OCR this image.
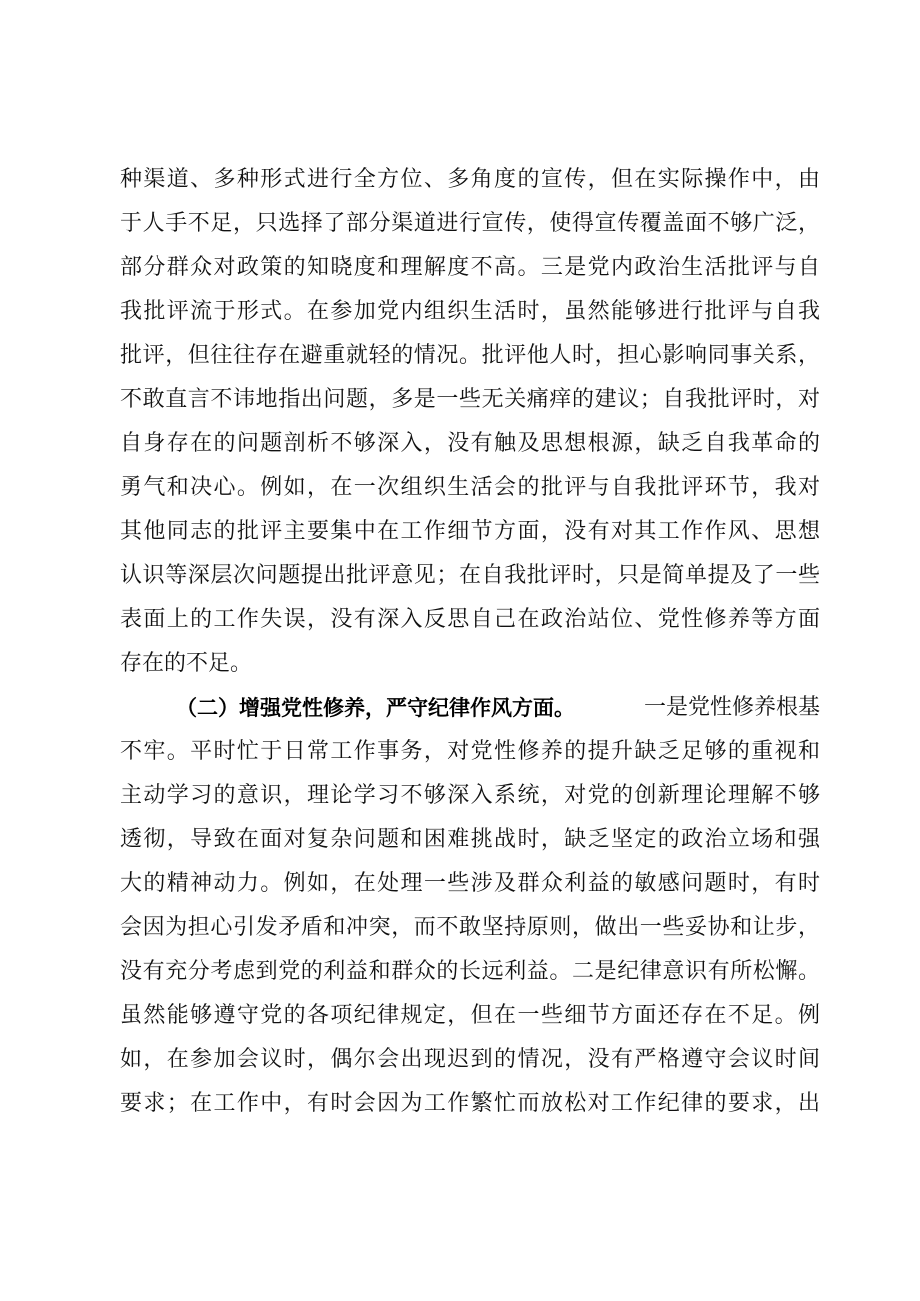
种渠道、多种形式进行全方位、多角度的宣传，但在实际操作中，由
于人手不足，只选择了部分渠道进行宣传，使得宣传覆盖面不够广泛，
部分群众对政策的知晓度和理解度不高。三是党内政治生活批评与自
我批评流于形式。在参加党内组织生活时，虽然能够进行批评与自我
批评，但往往存在避重就轻的情况。批评他人时，担心影响同事关系，
不敢直言不讳地指出问题，多是一些无关痛痒的建议；自我批评时，对
自身存在的问题剖析不够深入，没有触及思想根源，缺乏自我革命的
勇气和决心。例如，在一次组织生活会的批评与自我批评环节，我对
其他同志的批评主要集中在工作细节方面，没有对其工作作风、思想
认识等深层次问题提出批评意见；在自我批评时，只是简单提及了一些
表面上的工作失误，没有深入反思自己在政治站位、党性修养等方面
存在的不足。
（二）增强党性修养，严守纪律作风方面。	一是党性修养根基
不牢。平时忙于日常工作事务，对党性修养的提升缺乏足够的重视和
主动学习的意识，理论学习不够深入系统，对党的创新理论理解不够
透彻，导致在面对复杂问题和困难挑战时，缺乏坚定的政治立场和强
大的精神动力。例如，在处理一些涉及群众利益的敏感问题时，有时
会因为担心引发矛盾和冲突，而不敢坚持原则，做出一些妥协和让步，
没有充分考虑到党的利益和群众的长远利益。二是纪律意识有所松懈。
虽然能够遵守党的各项纪律规定，但在一些细节方面还存在不足。例
如，在参加会议时，偶尔会出现迟到的情况，没有严格遵守会议时间
要求；在工作中，有时会因为工作繁忙而放松对工作纪律的要求，出
